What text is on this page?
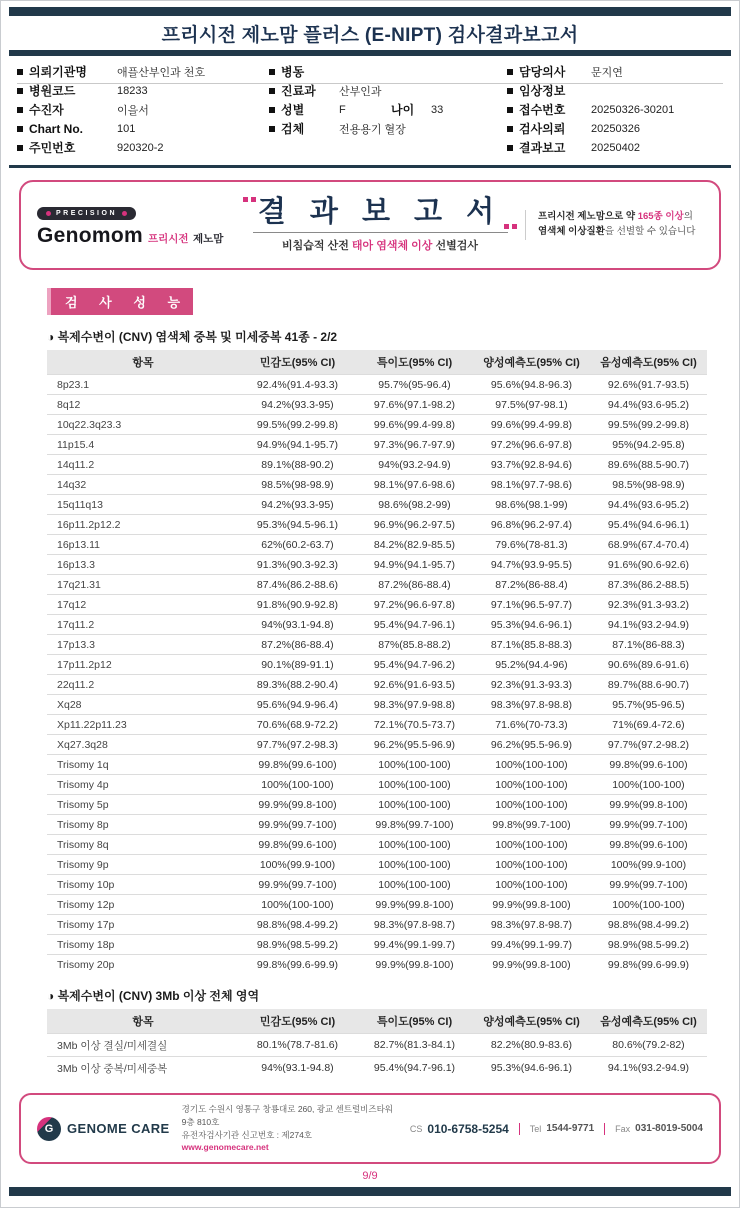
프리시전 제노맘 플러스 (E-NIPT) 검사결과보고서
의뢰기관명	애플산부인과 천호
병원코드	18233
수진자	이을서
Chart No.	101
주민번호	920320-2
병동
진료과	산부인과
성별	F	나이	33
검체	전용용기 혈장
담당의사	문지연
임상정보
접수번호	20250326-30201
검사의뢰	20250326
결과보고	20250402
PRECISION
Genomom 프리시전 제노맘
결 과 보 고 서
비침습적 산전 태아 염색체 이상 선별검사
프리시전 제노맘으로 약 165종 이상의
염색체 이상질환을 선별할 수 있습니다
검 사 성 능
◑ 복제수변이 (CNV) 염색체 중복 및 미세중복 41종 - 2/2
항목	민감도(95% CI)	특이도(95% CI)	양성예측도(95% CI)	음성예측도(95% CI)
8p23.1	92.4%(91.4-93.3)	95.7%(95-96.4)	95.6%(94.8-96.3)	92.6%(91.7-93.5)
8q12	94.2%(93.3-95)	97.6%(97.1-98.2)	97.5%(97-98.1)	94.4%(93.6-95.2)
10q22.3q23.3	99.5%(99.2-99.8)	99.6%(99.4-99.8)	99.6%(99.4-99.8)	99.5%(99.2-99.8)
11p15.4	94.9%(94.1-95.7)	97.3%(96.7-97.9)	97.2%(96.6-97.8)	95%(94.2-95.8)
14q11.2	89.1%(88-90.2)	94%(93.2-94.9)	93.7%(92.8-94.6)	89.6%(88.5-90.7)
14q32	98.5%(98-98.9)	98.1%(97.6-98.6)	98.1%(97.7-98.6)	98.5%(98-98.9)
15q11q13	94.2%(93.3-95)	98.6%(98.2-99)	98.6%(98.1-99)	94.4%(93.6-95.2)
16p11.2p12.2	95.3%(94.5-96.1)	96.9%(96.2-97.5)	96.8%(96.2-97.4)	95.4%(94.6-96.1)
16p13.11	62%(60.2-63.7)	84.2%(82.9-85.5)	79.6%(78-81.3)	68.9%(67.4-70.4)
16p13.3	91.3%(90.3-92.3)	94.9%(94.1-95.7)	94.7%(93.9-95.5)	91.6%(90.6-92.6)
17q21.31	87.4%(86.2-88.6)	87.2%(86-88.4)	87.2%(86-88.4)	87.3%(86.2-88.5)
17q12	91.8%(90.9-92.8)	97.2%(96.6-97.8)	97.1%(96.5-97.7)	92.3%(91.3-93.2)
17q11.2	94%(93.1-94.8)	95.4%(94.7-96.1)	95.3%(94.6-96.1)	94.1%(93.2-94.9)
17p13.3	87.2%(86-88.4)	87%(85.8-88.2)	87.1%(85.8-88.3)	87.1%(86-88.3)
17p11.2p12	90.1%(89-91.1)	95.4%(94.7-96.2)	95.2%(94.4-96)	90.6%(89.6-91.6)
22q11.2	89.3%(88.2-90.4)	92.6%(91.6-93.5)	92.3%(91.3-93.3)	89.7%(88.6-90.7)
Xq28	95.6%(94.9-96.4)	98.3%(97.9-98.8)	98.3%(97.8-98.8)	95.7%(95-96.5)
Xp11.22p11.23	70.6%(68.9-72.2)	72.1%(70.5-73.7)	71.6%(70-73.3)	71%(69.4-72.6)
Xq27.3q28	97.7%(97.2-98.3)	96.2%(95.5-96.9)	96.2%(95.5-96.9)	97.7%(97.2-98.2)
Trisomy 1q	99.8%(99.6-100)	100%(100-100)	100%(100-100)	99.8%(99.6-100)
Trisomy 4p	100%(100-100)	100%(100-100)	100%(100-100)	100%(100-100)
Trisomy 5p	99.9%(99.8-100)	100%(100-100)	100%(100-100)	99.9%(99.8-100)
Trisomy 8p	99.9%(99.7-100)	99.8%(99.7-100)	99.8%(99.7-100)	99.9%(99.7-100)
Trisomy 8q	99.8%(99.6-100)	100%(100-100)	100%(100-100)	99.8%(99.6-100)
Trisomy 9p	100%(99.9-100)	100%(100-100)	100%(100-100)	100%(99.9-100)
Trisomy 10p	99.9%(99.7-100)	100%(100-100)	100%(100-100)	99.9%(99.7-100)
Trisomy 12p	100%(100-100)	99.9%(99.8-100)	99.9%(99.8-100)	100%(100-100)
Trisomy 17p	98.8%(98.4-99.2)	98.3%(97.8-98.7)	98.3%(97.8-98.7)	98.8%(98.4-99.2)
Trisomy 18p	98.9%(98.5-99.2)	99.4%(99.1-99.7)	99.4%(99.1-99.7)	98.9%(98.5-99.2)
Trisomy 20p	99.8%(99.6-99.9)	99.9%(99.8-100)	99.9%(99.8-100)	99.8%(99.6-99.9)
◑ 복제수변이 (CNV) 3Mb 이상 전체 영역
항목	민감도(95% CI)	특이도(95% CI)	양성예측도(95% CI)	음성예측도(95% CI)
3Mb 이상 결실/미세결실	80.1%(78.7-81.6)	82.7%(81.3-84.1)	82.2%(80.9-83.6)	80.6%(79.2-82)
3Mb 이상 중복/미세중복	94%(93.1-94.8)	95.4%(94.7-96.1)	95.3%(94.6-96.1)	94.1%(93.2-94.9)
G	GENOME CARE
경기도 수원시 영통구 창룡대로 260, 광교 센트럴비즈타워 9층 810호
유전자검사기관 신고번호 : 제274호
www.genomecare.net
CS 010-6758-5254 Tel 1544-9771 Fax 031-8019-5004
9/9
